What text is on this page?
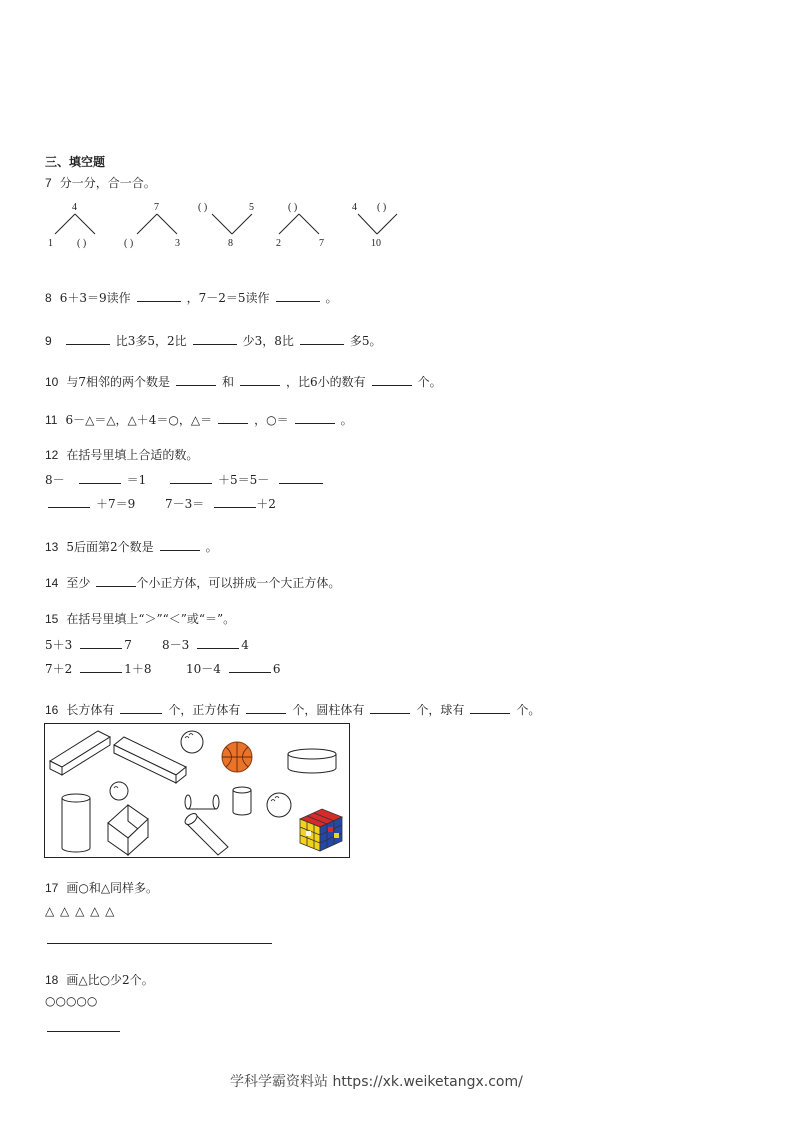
三、填空题
7 分一分，合一合。
4
1 ( )
7
( )	3
( )	5
8
( )
2	7
4 ( )
10
8 6＋3＝9读作	，7－2＝5读作	。
9	比3多5，2比	少3，8比	多5。
10 与7相邻的两个数是	和	，比6小的数有	个。
11 6－△＝△，△＋4＝○，△＝	，○＝	。
12 在括号里填上合适的数。
8－	＝1	＋5＝5－
＋7＝9 7－3＝	＋2
13 5后面第2个数是	。
14 至少	个小正方体，可以拼成一个大正方体。
15 在括号里填上“＞”“＜”或“＝”。
5＋3	7	8－3	4
7＋2	1＋8	10－4	6
16 长方体有	个，正方体有	个，圆柱体有	个，球有	个。
17 画○和△同样多。
△ △ △ △ △
18 画△比○少2个。
○○○○○
学科学霸资料站 https://xk.weiketangx.com/
